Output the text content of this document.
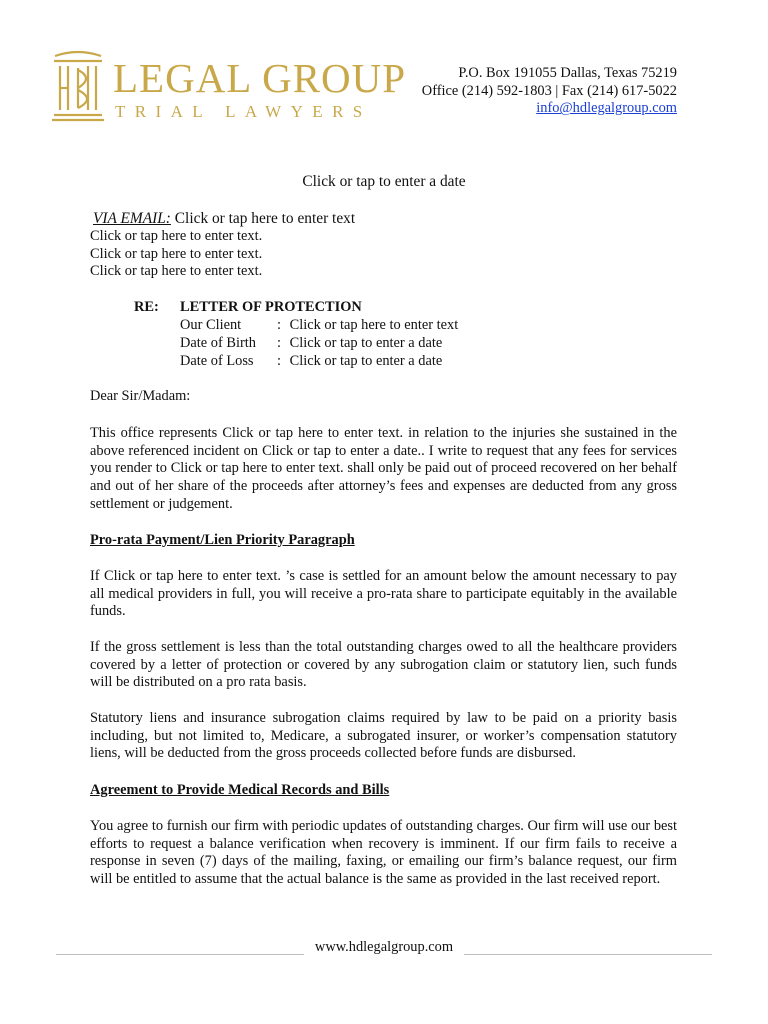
LEGAL GROUP
TRIAL LAWYERS
P.O. Box 191055 Dallas, Texas 75219
Office (214) 592-1803 | Fax (214) 617-5022
info@hdlegalgroup.com
Click or tap to enter a date
VIA EMAIL: Click or tap here to enter text
Click or tap here to enter text.
Click or tap here to enter text.
Click or tap here to enter text.
RE: LETTER OF PROTECTION
Our Client : Click or tap here to enter text
Date of Birth : Click or tap to enter a date
Date of Loss : Click or tap to enter a date
Dear Sir/Madam:
This office represents Click or tap here to enter text. in relation to the injuries she sustained in the above referenced incident on Click or tap to enter a date.. I write to request that any fees for services you render to Click or tap here to enter text. shall only be paid out of proceed recovered on her behalf and out of her share of the proceeds after attorney’s fees and expenses are deducted from any gross settlement or judgement.
Pro-rata Payment/Lien Priority Paragraph
If Click or tap here to enter text. ’s case is settled for an amount below the amount necessary to pay all medical providers in full, you will receive a pro-rata share to participate equitably in the available funds.
If the gross settlement is less than the total outstanding charges owed to all the healthcare providers covered by a letter of protection or covered by any subrogation claim or statutory lien, such funds will be distributed on a pro rata basis.
Statutory liens and insurance subrogation claims required by law to be paid on a priority basis including, but not limited to, Medicare, a subrogated insurer, or worker’s compensation statutory liens, will be deducted from the gross proceeds collected before funds are disbursed.
Agreement to Provide Medical Records and Bills
You agree to furnish our firm with periodic updates of outstanding charges. Our firm will use our best efforts to request a balance verification when recovery is imminent. If our firm fails to receive a response in seven (7) days of the mailing, faxing, or emailing our firm’s balance request, our firm will be entitled to assume that the actual balance is the same as provided in the last received report.
www.hdlegalgroup.com
